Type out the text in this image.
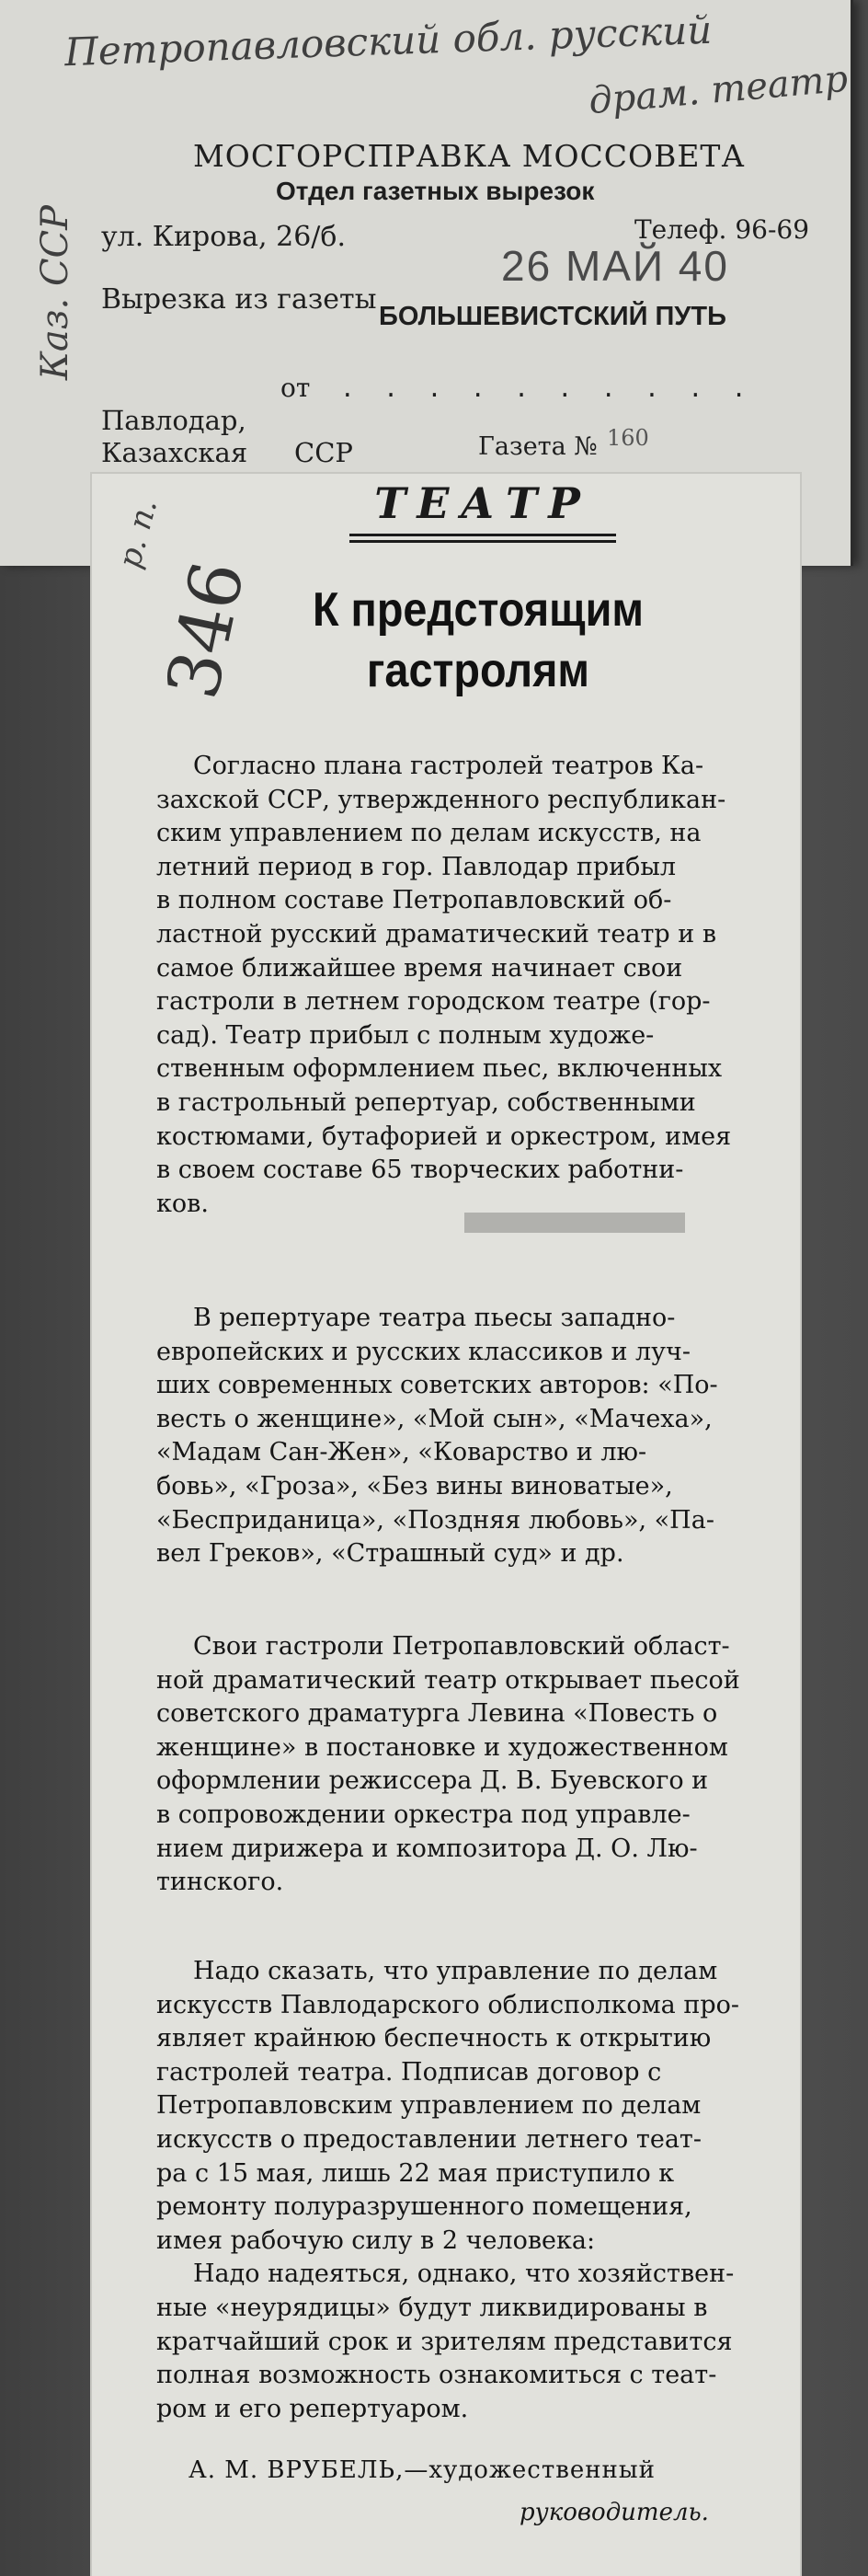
Петропавловский обл. русский
драм. театр
Каз. ССР
МОСГОРСПРАВКА МОССОВЕТА
Отдел газетных вырезок
ул. Кирова, 26/б.	Телеф. 96-69
26 МАЙ 40
Вырезка из газеты
БОЛЬШЕВИСТСКИЙ ПУТЬ
от . . . . . . . . . .
Павлодар,
Казахская ССР	Газета № 160
р. п.
346
ТЕАТР
К предстоящим
гастролям
Согласно плана гастролей театров Ка-
захской ССР, утвержденного республикан-
ским управлением по делам искусств, на
летний период в гор. Павлодар прибыл
в полном составе Петропавловский об-
ластной русский драматический театр и в
самое ближайшее время начинает свои
гастроли в летнем городском театре (гор-
сад). Театр прибыл с полным художе-
ственным оформлением пьес, включенных
в гастрольный репертуар, собственными
костюмами, бутафорией и оркестром, имея
в своем составе 65 творческих работни-
ков.
В репертуаре театра пьесы западно-
европейских и русских классиков и луч-
ших современных советских авторов: «По-
весть о женщине», «Мой сын», «Мачеха»,
«Мадам Сан-Жен», «Коварство и лю-
бовь», «Гроза», «Без вины виноватые»,
«Бесприданица», «Поздняя любовь», «Па-
вел Греков», «Страшный суд» и др.
Свои гастроли Петропавловский област-
ной драматический театр открывает пьесой
советского драматурга Левина «Повесть о
женщине» в постановке и художественном
оформлении режиссера Д. В. Буевского и
в сопровождении оркестра под управле-
нием дирижера и композитора Д. О. Лю-
тинского.
Надо сказать, что управление по делам
искусств Павлодарского облисполкома про-
являет крайнюю беспечность к открытию
гастролей театра. Подписав договор с
Петропавловским управлением по делам
искусств о предоставлении летнего теат-
ра с 15 мая, лишь 22 мая приступило к
ремонту полуразрушенного помещения,
имея рабочую силу в 2 человека:
Надо надеяться, однако, что хозяйствен-
ные «неурядицы» будут ликвидированы в
кратчайший срок и зрителям представится
полная возможность ознакомиться с теат-
ром и его репертуаром.
А. М. ВРУБЕЛЬ,—художественный
руководитель.
